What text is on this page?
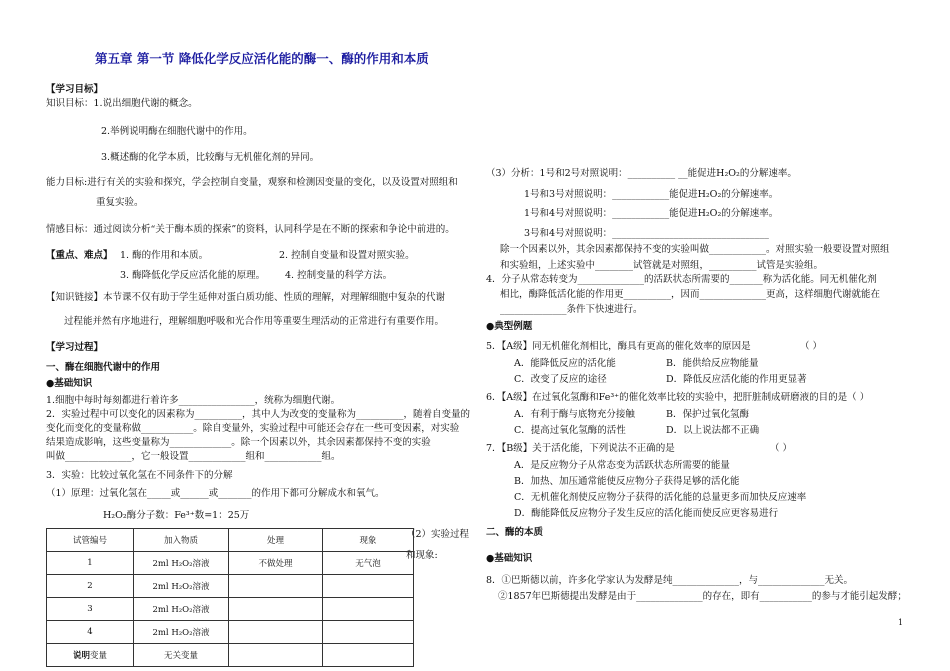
第五章 第一节 降低化学反应活化能的酶一、酶的作用和本质
【学习目标】
知识目标：1.说出细胞代谢的概念。
2.举例说明酶在细胞代谢中的作用。
3.概述酶的化学本质，比较酶与无机催化剂的异同。
能力目标:进行有关的实验和探究，学会控制自变量，观察和检测因变量的变化，以及设置对照组和
重复实验。
情感目标：通过阅读分析“关于酶本质的探索”的资料，认同科学是在不断的探索和争论中前进的。
【重点、难点】 1. 酶的作用和本质。	2. 控制自变量和设置对照实验。
3. 酶降低化学反应活化能的原理。 4. 控制变量的科学方法。
【知识链接】本节课不仅有助于学生延伸对蛋白质功能、性质的理解，对理解细胞中复杂的代谢
过程能并然有序地进行，理解细胞呼吸和光合作用等重要生理活动的正常进行有重要作用。
【学习过程】
一、酶在细胞代谢中的作用
●基础知识
1.细胞中每时每刻都进行着许多________________，统称为细胞代谢。
2．实验过程中可以变化的因素称为__________，其中人为改变的变量称为__________，随着自变量的
变化而变化的变量称做___________。除自变量外，实验过程中可能还会存在一些可变因素，对实验
结果造成影响，这些变量称为_____________。除一个因素以外，其余因素都保持不变的实验
叫做______________，它一般设置____________组和____________组。
3．实验：比较过氧化氢在不同条件下的分解
（1）原理：过氧化氢在_____或______或_______的作用下都可分解成水和氧气。
H₂O₂酶分子数：Fe³⁺数=1：25万
（2）实验过程
和现象:
试管编号	加入物质	处理	现象
1	2ml H₂O₂溶液	不做处理	无气泡
2	2ml H₂O₂溶液		
3	2ml H₂O₂溶液		
4	2ml H₂O₂溶液		
说明变量	无关变量		
（3）分析：1号和2号对照说明：__________ __能促进H₂O₂的分解速率。
1号和3号对照说明：____________能促进H₂O₂的分解速率。
1号和4号对照说明：____________能促进H₂O₂的分解速率。
3号和4号对照说明：_________________________________
除一个因素以外，其余因素都保持不变的实验叫做____________。对照实验一般要设置对照组
和实验组，上述实验中________试管就是对照组，__________试管是实验组。
4．分子从常态转变为______________的活跃状态所需要的_______称为活化能。同无机催化剂
相比，酶降低活化能的作用更__________，因而______________更高，这样细胞代谢就能在
______________条件下快速进行。
●典型例题
5．【A级】同无机催化剂相比，酶具有更高的催化效率的原因是	（ ）
A．能降低反应的活化能	B．能供给反应物能量
C．改变了反应的途径	D．降低反应活化能的作用更显著
6．【A级】在过氧化氢酶和Fe³⁺的催化效率比较的实验中，把肝脏制成研磨液的目的是（ ）
A．有利于酶与底物充分接触	B．保护过氧化氢酶
C．提高过氧化氢酶的活性	D．以上说法都不正确
7．【B级】关于活化能，下列说法不正确的是	（ ）
A．是反应物分子从常态变为活跃状态所需要的能量
B．加热、加压通常能使反应物分子获得足够的活化能
C．无机催化剂使反应物分子获得的活化能的总量更多而加快反应速率
D．酶能降低反应物分子发生反应的活化能而使反应更容易进行
二、酶的本质
●基础知识
8．①巴斯德以前，许多化学家认为发酵是纯______________，与______________无关。
②1857年巴斯德提出发酵是由于______________的存在，即有___________的参与才能引起发酵；
1
